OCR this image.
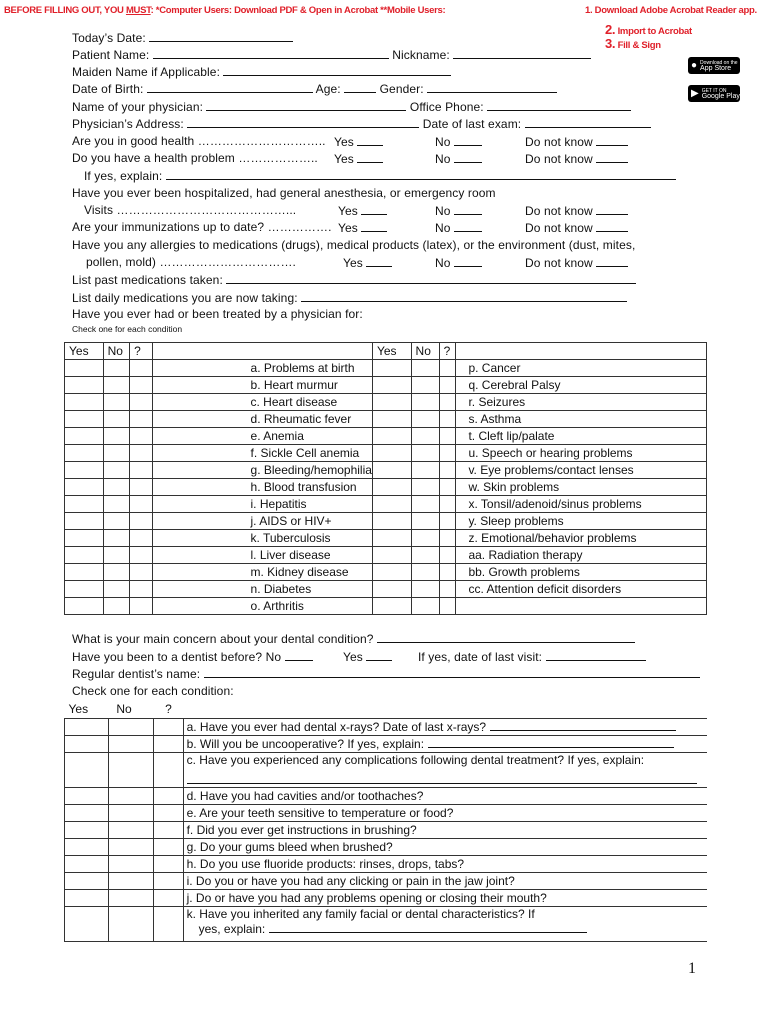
BEFORE FILLING OUT, YOU MUST: *Computer Users: Download PDF & Open in Acrobat **Mobile Users:	1. Download Adobe Acrobat Reader app.
2. Import to Acrobat
3. Fill & Sign
● Download on the
App Store
▶ GET IT ON
Google Play
Today’s Date:
Patient Name:	Nickname:
Maiden Name if Applicable:
Date of Birth:	Age:	Gender:
Name of your physician:	Office Phone:
Physician’s Address:	Date of last exam:
Are you in good health ………………………….. Yes	No	Do not know
Do you have a health problem ……………….. Yes	No	Do not know
If yes, explain:
Have you ever been hospitalized, had general anesthesia, or emergency room
Visits ……………………………………...	Yes	No	Do not know
Are your immunizations up to date? ……………. Yes	No	Do not know
Have you any allergies to medications (drugs), medical products (latex), or the environment (dust, mites,
pollen, mold) …………………………….	Yes	No	Do not know
List past medications taken:
List daily medications you are now taking:
Have you ever had or been treated by a physician for:
Check one for each condition
Yes	No	?		Yes	No	?	
			a. Problems at birth				p. Cancer
			b. Heart murmur				q. Cerebral Palsy
			c. Heart disease				r. Seizures
			d. Rheumatic fever				s. Asthma
			e. Anemia				t. Cleft lip/palate
			f. Sickle Cell anemia				u. Speech or hearing problems
			g. Bleeding/hemophilia				v. Eye problems/contact lenses
			h. Blood transfusion				w. Skin problems
			i. Hepatitis				x. Tonsil/adenoid/sinus problems
			j. AIDS or HIV+				y. Sleep problems
			k. Tuberculosis				z. Emotional/behavior problems
			l. Liver disease				aa. Radiation therapy
			m. Kidney disease				bb. Growth problems
			n. Diabetes				cc. Attention deficit disorders
			o. Arthritis				
What is your main concern about your dental condition?
Have you been to a dentist before? No	Yes	If yes, date of last visit:
Regular dentist’s name:
Check one for each condition:
Yes	No	?	
			a. Have you ever had dental x-rays? Date of last x-rays?
			b. Will you be uncooperative? If yes, explain:
			c. Have you experienced any complications following dental treatment? If yes, explain:

			d. Have you had cavities and/or toothaches?
			e. Are your teeth sensitive to temperature or food?
			f. Did you ever get instructions in brushing?
			g. Do your gums bleed when brushed?
			h. Do you use fluoride products: rinses, drops, tabs?
			i. Do you or have you had any clicking or pain in the jaw joint?
			j. Do or have you had any problems opening or closing their mouth?
			k. Have you inherited any family facial or dental characteristics? If
yes, explain:
1
